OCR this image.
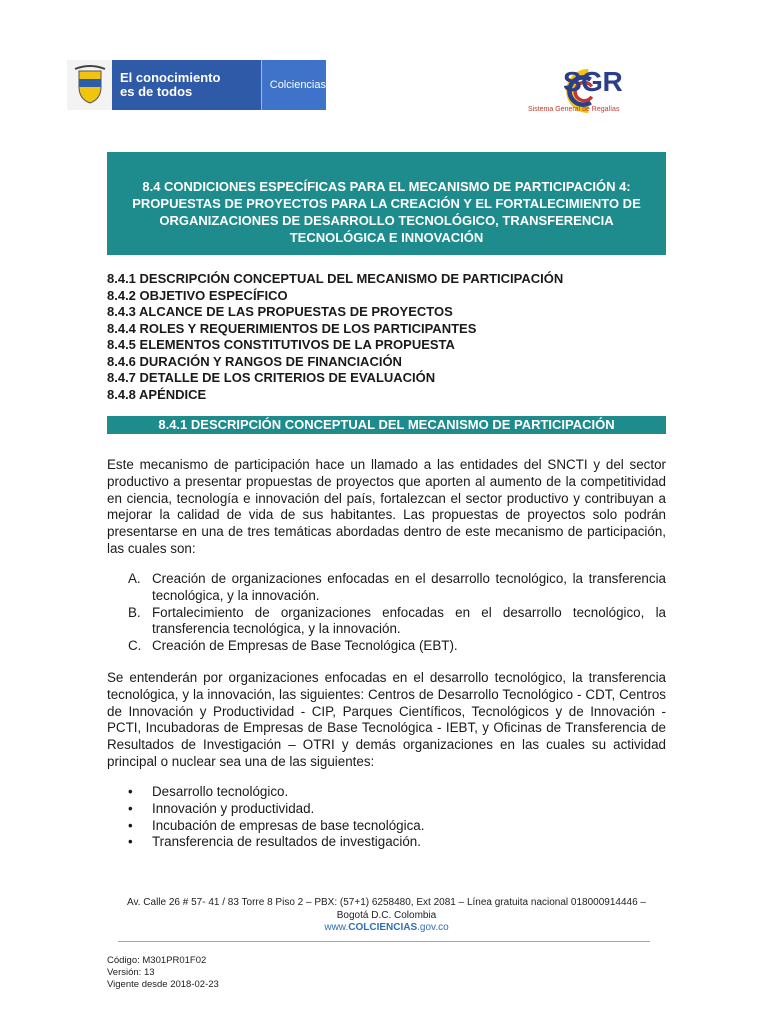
El conocimiento
es de todos	Colciencias	SGR
Sistema General de Regalías
8.4 CONDICIONES ESPECÍFICAS PARA EL MECANISMO DE PARTICIPACIÓN 4: PROPUESTAS DE PROYECTOS PARA LA CREACIÓN Y EL FORTALECIMIENTO DE ORGANIZACIONES DE DESARROLLO TECNOLÓGICO, TRANSFERENCIA TECNOLÓGICA E INNOVACIÓN
8.4.1 DESCRIPCIÓN CONCEPTUAL DEL MECANISMO DE PARTICIPACIÓN
8.4.2 OBJETIVO ESPECÍFICO
8.4.3 ALCANCE DE LAS PROPUESTAS DE PROYECTOS
8.4.4 ROLES Y REQUERIMIENTOS DE LOS PARTICIPANTES
8.4.5 ELEMENTOS CONSTITUTIVOS DE LA PROPUESTA
8.4.6 DURACIÓN Y RANGOS DE FINANCIACIÓN
8.4.7 DETALLE DE LOS CRITERIOS DE EVALUACIÓN
8.4.8 APÉNDICE
8.4.1 DESCRIPCIÓN CONCEPTUAL DEL MECANISMO DE PARTICIPACIÓN
Este mecanismo de participación hace un llamado a las entidades del SNCTI y del sector productivo a presentar propuestas de proyectos que aporten al aumento de la competitividad en ciencia, tecnología e innovación del país, fortalezcan el sector productivo y contribuyan a mejorar la calidad de vida de sus habitantes. Las propuestas de proyectos solo podrán presentarse en una de tres temáticas abordadas dentro de este mecanismo de participación, las cuales son:
A. Creación de organizaciones enfocadas en el desarrollo tecnológico, la transferencia tecnológica, y la innovación.
B. Fortalecimiento de organizaciones enfocadas en el desarrollo tecnológico, la transferencia tecnológica, y la innovación.
C. Creación de Empresas de Base Tecnológica (EBT).
Se entenderán por organizaciones enfocadas en el desarrollo tecnológico, la transferencia tecnológica, y la innovación, las siguientes: Centros de Desarrollo Tecnológico - CDT, Centros de Innovación y Productividad - CIP, Parques Científicos, Tecnológicos y de Innovación - PCTI, Incubadoras de Empresas de Base Tecnológica - IEBT, y Oficinas de Transferencia de Resultados de Investigación – OTRI y demás organizaciones en las cuales su actividad principal o nuclear sea una de las siguientes:
•	Desarrollo tecnológico.
•	Innovación y productividad.
•	Incubación de empresas de base tecnológica.
•	Transferencia de resultados de investigación.
Av. Calle 26 # 57- 41 / 83 Torre 8 Piso 2 – PBX: (57+1) 6258480, Ext 2081 – Línea gratuita nacional 018000914446 –
Bogotá D.C. Colombia
www.COLCIENCIAS.gov.co
Código: M301PR01F02
Versión: 13
Vigente desde 2018-02-23
